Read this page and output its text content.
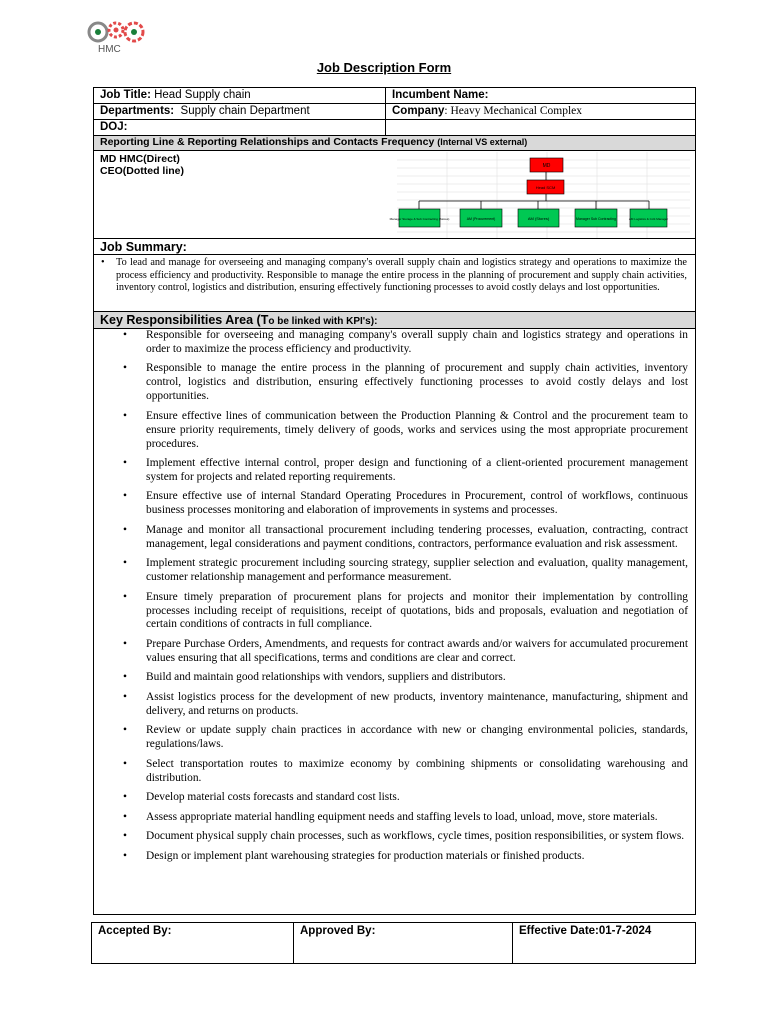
HMC
Job Description Form
Job Title: Head Supply chain	Incumbent Name:
Departments: Supply chain Department	Company: Heavy Mechanical Complex
DOJ:
Reporting Line & Reporting Relationships and Contacts Frequency (Internal VS external)
MD HMC(Direct)
CEO(Dotted line)	MD
Head SCM
Manager Storage & Sub Contracting (Stores)	AM (Procurement)	AM (Stores)	Manager Sub Contracting	AM Logistics & CoS Manager
Job Summary:
• To lead and manage for overseeing and managing company's overall supply chain and logistics strategy and operations to maximize the process efficiency and productivity. Responsible to manage the entire process in the planning of procurement and supply chain activities, inventory control, logistics and distribution, ensuring effectively functioning processes to avoid costly delays and lost opportunities.
Key Responsibilities Area (To be linked with KPI's):
• Responsible for overseeing and managing company's overall supply chain and logistics strategy and operations in order to maximize the process efficiency and productivity.
• Responsible to manage the entire process in the planning of procurement and supply chain activities, inventory control, logistics and distribution, ensuring effectively functioning processes to avoid costly delays and lost opportunities.
• Ensure effective lines of communication between the Production Planning & Control and the procurement team to ensure priority requirements, timely delivery of goods, works and services using the most appropriate procurement procedures.
• Implement effective internal control, proper design and functioning of a client-oriented procurement management system for projects and related reporting requirements.
• Ensure effective use of internal Standard Operating Procedures in Procurement, control of workflows, continuous business processes monitoring and elaboration of improvements in systems and processes.
• Manage and monitor all transactional procurement including tendering processes, evaluation, contracting, contract management, legal considerations and payment conditions, contractors, performance evaluation and risk assessment.
• Implement strategic procurement including sourcing strategy, supplier selection and evaluation, quality management, customer relationship management and performance measurement.
• Ensure timely preparation of procurement plans for projects and monitor their implementation by controlling processes including receipt of requisitions, receipt of quotations, bids and proposals, evaluation and negotiation of certain conditions of contracts in full compliance.
• Prepare Purchase Orders, Amendments, and requests for contract awards and/or waivers for accumulated procurement values ensuring that all specifications, terms and conditions are clear and correct.
• Build and maintain good relationships with vendors, suppliers and distributors.
• Assist logistics process for the development of new products, inventory maintenance, manufacturing, shipment and delivery, and returns on products.
• Review or update supply chain practices in accordance with new or changing environmental policies, standards, regulations/laws.
• Select transportation routes to maximize economy by combining shipments or consolidating warehousing and distribution.
• Develop material costs forecasts and standard cost lists.
• Assess appropriate material handling equipment needs and staffing levels to load, unload, move, store materials.
• Document physical supply chain processes, such as workflows, cycle times, position responsibilities, or system flows.
• Design or implement plant warehousing strategies for production materials or finished products.
Accepted By:	Approved By:	Effective Date:01-7-2024
